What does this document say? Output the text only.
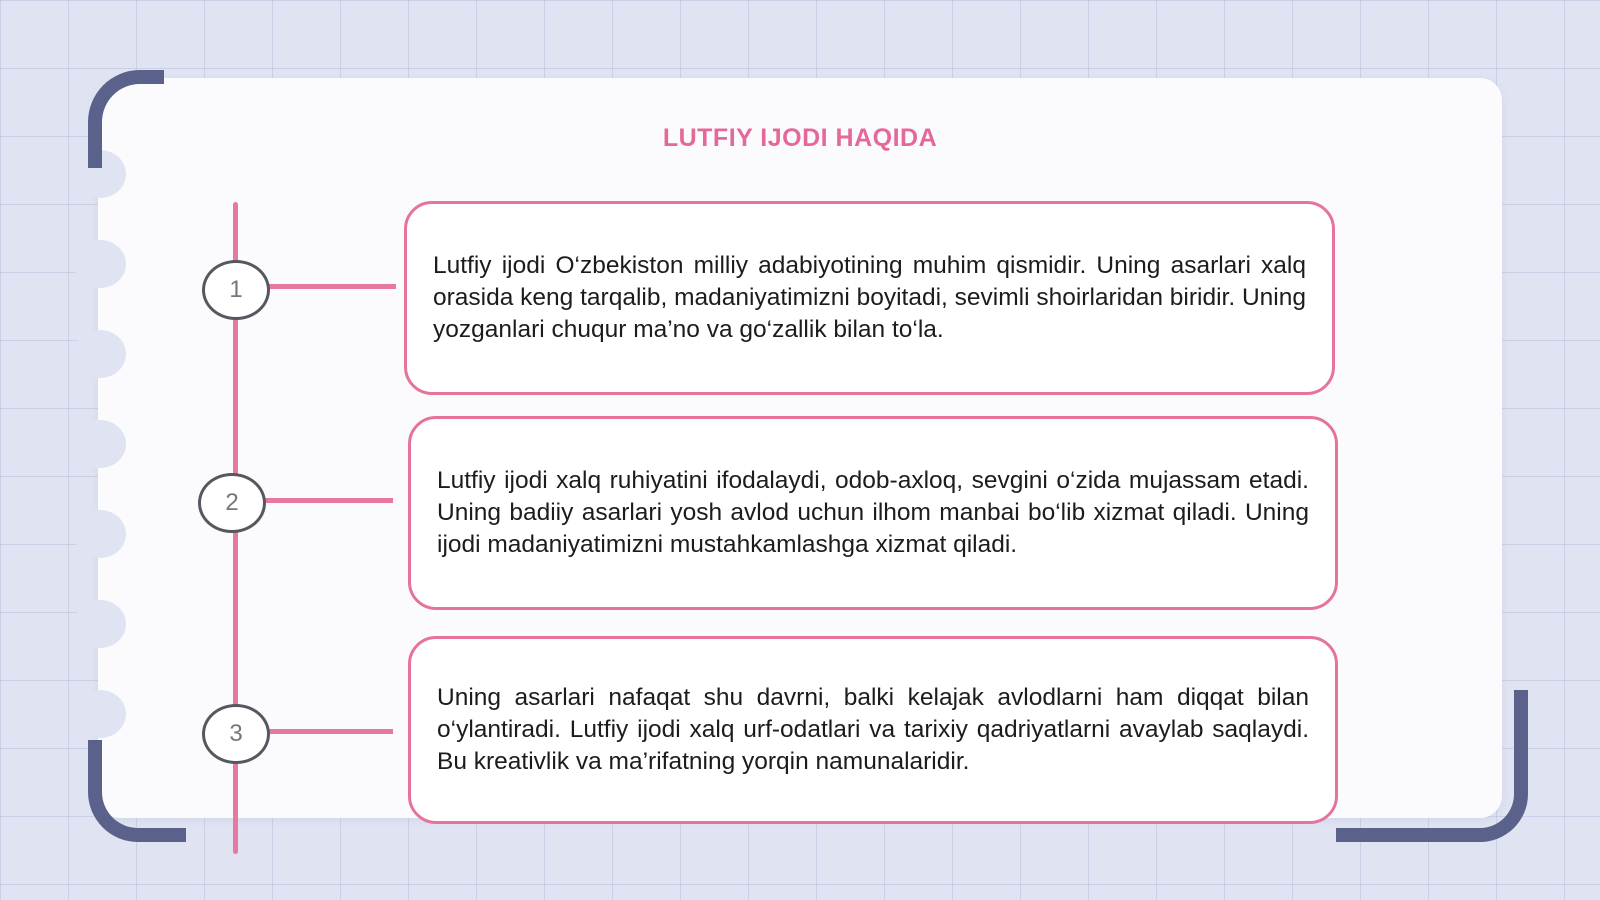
LUTFIY IJODI HAQIDA
1
2
3

Lutfiy ijodi O‘zbekiston milliy adabiyotining muhim qismidir. Uning asarlari xalq orasida keng tarqalib, madaniyatimizni boyitadi, sevimli shoirlaridan biridir. Uning yozganlari chuqur ma’no va go‘zallik bilan to‘la.

Lutfiy ijodi xalq ruhiyatini ifodalaydi, odob-axloq, sevgini o‘zida mujassam etadi. Uning badiiy asarlari yosh avlod uchun ilhom manbai bo‘lib xizmat qiladi. Uning ijodi madaniyatimizni mustahkamlashga xizmat qiladi.

Uning asarlari nafaqat shu davrni, balki kelajak avlodlarni ham diqqat bilan o‘ylantiradi. Lutfiy ijodi xalq urf-odatlari va tarixiy qadriyatlarni avaylab saqlaydi. Bu kreativlik va ma’rifatning yorqin namunalaridir.
